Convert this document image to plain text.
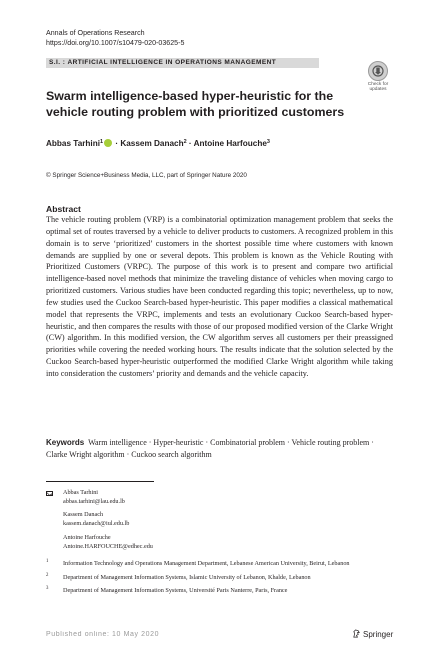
Annals of Operations Research
https://doi.org/10.1007/s10479-020-03625-5
S.I. : ARTIFICIAL INTELLIGENCE IN OPERATIONS MANAGEMENT
Check for
updates
Swarm intelligence-based hyper-heuristic for the vehicle routing problem with prioritized customers
Abbas Tarhini$^1$ · Kassem Danach$^2$ · Antoine Harfouche$^3$
© Springer Science+Business Media, LLC, part of Springer Nature 2020
Abstract

The vehicle routing problem (VRP) is a combinatorial optimization management problem that seeks the optimal set of routes traversed by a vehicle to deliver products to customers. A recognized problem in this domain is to serve ‘prioritized’ customers in the shortest possible time where customers with known demands are supplied by one or several depots. This problem is known as the Vehicle Routing with Prioritized Customers (VRPC). The purpose of this work is to present and compare two artificial intelligence-based novel methods that minimize the traveling distance of vehicles when moving cargo to prioritized customers. Various studies have been conducted regarding this topic; nevertheless, up to now, few studies used the Cuckoo Search-based hyper-heuristic. This paper modifies a classical mathematical model that represents the VRPC, implements and tests an evolutionary Cuckoo Search-based hyper-heuristic, and then compares the results with those of our proposed modified version of the Clarke Wright (CW) algorithm. In this modified version, the CW algorithm serves all customers per their preassigned priorities while covering the needed working hours. The results indicate that the solution selected by the Cuckoo Search-based hyper-heuristic outperformed the modified Clarke Wright algorithm while taking into consideration the customers’ priority and demands and the vehicle capacity.

Keywords Warm intelligence · Hyper-heuristic · Combinatorial problem · Vehicle routing problem · Clarke Wright algorithm · Cuckoo search algorithm
Abbas Tarhini
abbas.tarhini@lau.edu.lb
Kassem Danach
kassem.danach@iul.edu.lb
Antoine Harfouche
Antoine.HARFOUCHE@edhec.edu
1 Information Technology and Operations Management Department, Lebanese American University, Beirut, Lebanon
2 Department of Management Information Systems, Islamic University of Lebanon, Khalde, Lebanon
3 Department of Management Information Systems, Université Paris Nanterre, Paris, France
Published online: 10 May 2020	Springer
